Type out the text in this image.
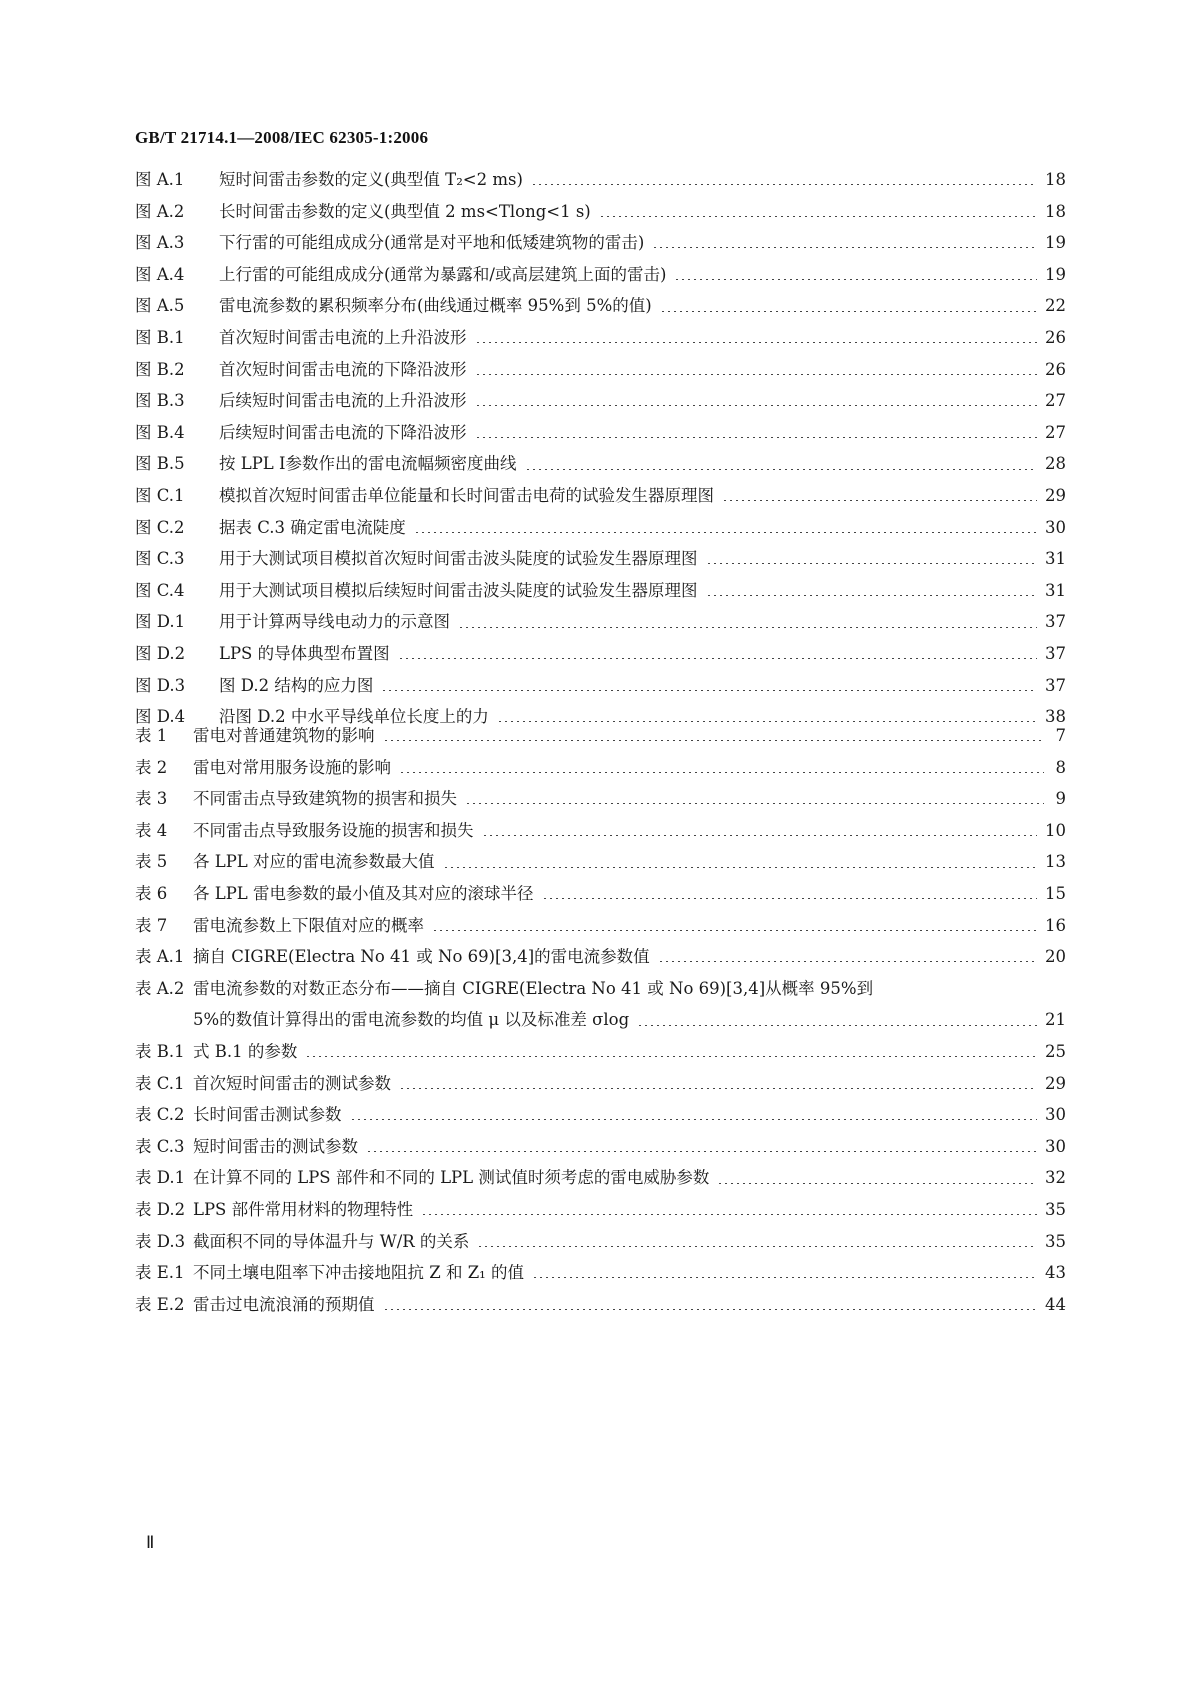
GB/T 21714.1—2008/IEC 62305-1:2006
图 A.1	短时间雷击参数的定义(典型值 T₂<2 ms)	18
图 A.2	长时间雷击参数的定义(典型值 2 ms<Tlong<1 s)	18
图 A.3	下行雷的可能组成成分(通常是对平地和低矮建筑物的雷击)	19
图 A.4	上行雷的可能组成成分(通常为暴露和/或高层建筑上面的雷击)	19
图 A.5	雷电流参数的累积频率分布(曲线通过概率 95%到 5%的值)	22
图 B.1	首次短时间雷击电流的上升沿波形	26
图 B.2	首次短时间雷击电流的下降沿波形	26
图 B.3	后续短时间雷击电流的上升沿波形	27
图 B.4	后续短时间雷击电流的下降沿波形	27
图 B.5	按 LPL Ⅰ参数作出的雷电流幅频密度曲线	28
图 C.1	模拟首次短时间雷击单位能量和长时间雷击电荷的试验发生器原理图	29
图 C.2	据表 C.3 确定雷电流陡度	30
图 C.3	用于大测试项目模拟首次短时间雷击波头陡度的试验发生器原理图	31
图 C.4	用于大测试项目模拟后续短时间雷击波头陡度的试验发生器原理图	31
图 D.1	用于计算两导线电动力的示意图	37
图 D.2	LPS 的导体典型布置图	37
图 D.3	图 D.2 结构的应力图	37
图 D.4	沿图 D.2 中水平导线单位长度上的力	38
表 1	雷电对普通建筑物的影响	7
表 2	雷电对常用服务设施的影响	8
表 3	不同雷击点导致建筑物的损害和损失	9
表 4	不同雷击点导致服务设施的损害和损失	10
表 5	各 LPL 对应的雷电流参数最大值	13
表 6	各 LPL 雷电参数的最小值及其对应的滚球半径	15
表 7	雷电流参数上下限值对应的概率	16
表 A.1 摘自 CIGRE(Electra No 41 或 No 69)[3,4]的雷电流参数值	20
表 A.2 雷电流参数的对数正态分布——摘自 CIGRE(Electra No 41 或 No 69)[3,4]从概率 95%到
5%的数值计算得出的雷电流参数的均值 μ 以及标准差 σlog	21
表 B.1 式 B.1 的参数	25
表 C.1 首次短时间雷击的测试参数	29
表 C.2 长时间雷击测试参数	30
表 C.3 短时间雷击的测试参数	30
表 D.1 在计算不同的 LPS 部件和不同的 LPL 测试值时须考虑的雷电威胁参数	32
表 D.2 LPS 部件常用材料的物理特性	35
表 D.3 截面积不同的导体温升与 W/R 的关系	35
表 E.1 不同土壤电阻率下冲击接地阻抗 Z 和 Z₁ 的值	43
表 E.2 雷击过电流浪涌的预期值	44
Ⅱ
